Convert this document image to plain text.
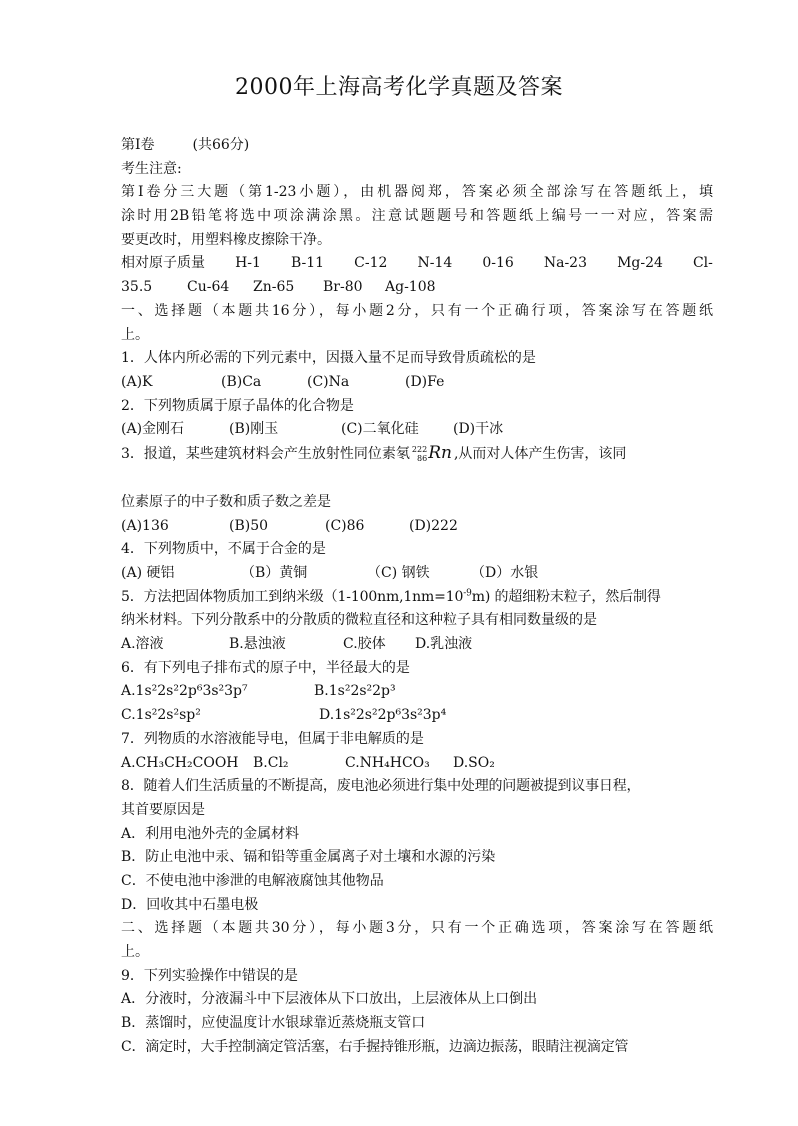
2000年上海高考化学真题及答案
第Ⅰ卷	(共66分)
考生注意:
第Ⅰ卷分三大题（第1-23小题），由机器阅郑，答案必须全部涂写在答题纸上，填
涂时用2B铅笔将选中项涂满涂黑。注意试题题号和答题纸上编号一一对应，答案需
要更改时，用塑料橡皮擦除干净。
相对原子质量 H-1 B-11 C-12 N-14 0-16 Na-23 Mg-24 Cl-
35.5	Cu-64	Zn-65	Br-80	Ag-108
一、选择题（本题共16分），每小题2分，只有一个正确行项，答案涂写在答题纸
上。
1．人体内所必需的下列元素中，因摄入量不足而导致骨质疏松的是
(A)K	(B)Ca	(C)Na	(D)Fe
2．下列物质属于原子晶体的化合物是
(A)金刚石	(B)刚玉	(C)二氧化硅	(D)干冰
3．报道，某些建筑材料会产生放射性同位素氡 222
86 Rn ,从而对人体产生伤害，该同
位素原子的中子数和质子数之差是
(A)136	(B)50	(C)86	(D)222
4．下列物质中，不属于合金的是
(A) 硬铝	（B）黄铜	（C) 钢铁	（D）水银
5．方法把固体物质加工到纳米级$(1-100nm,1nm=10^{-9}m)$ 的超细粉末粒子，然后制得
纳米材料。下列分散系中的分散质的微粒直径和这种粒子具有相同数量级的是
A.溶液	B.悬浊液	C.胶体	D.乳浊液
6．有下列电子排布式的原子中，半径最大的是
A.1s²2s²2p⁶3s²3p⁷	B.1s²2s²2p³
C.1s²2s²sp²	D.1s²2s²2p⁶3s²3p⁴
7．列物质的水溶液能导电，但属于非电解质的是
A.CH₃CH₂COOH	B.Cl₂	C.NH₄HCO₃	D.SO₂
8．随着人们生活质量的不断提高，废电池必须进行集中处理的问题被提到议事日程，
其首要原因是
A．利用电池外壳的金属材料
B．防止电池中汞、镉和铅等重金属离子对土壤和水源的污染
C．不使电池中渗泄的电解液腐蚀其他物品
D．回收其中石墨电极
二、选择题（本题共30分），每小题3分，只有一个正确选项，答案涂写在答题纸
上。
9．下列实验操作中错误的是
A．分液时，分液漏斗中下层液体从下口放出，上层液体从上口倒出
B．蒸馏时，应使温度计水银球靠近蒸烧瓶支管口
C．滴定时，大手控制滴定管活塞，右手握持锥形瓶，边滴边振荡，眼睛注视滴定管
